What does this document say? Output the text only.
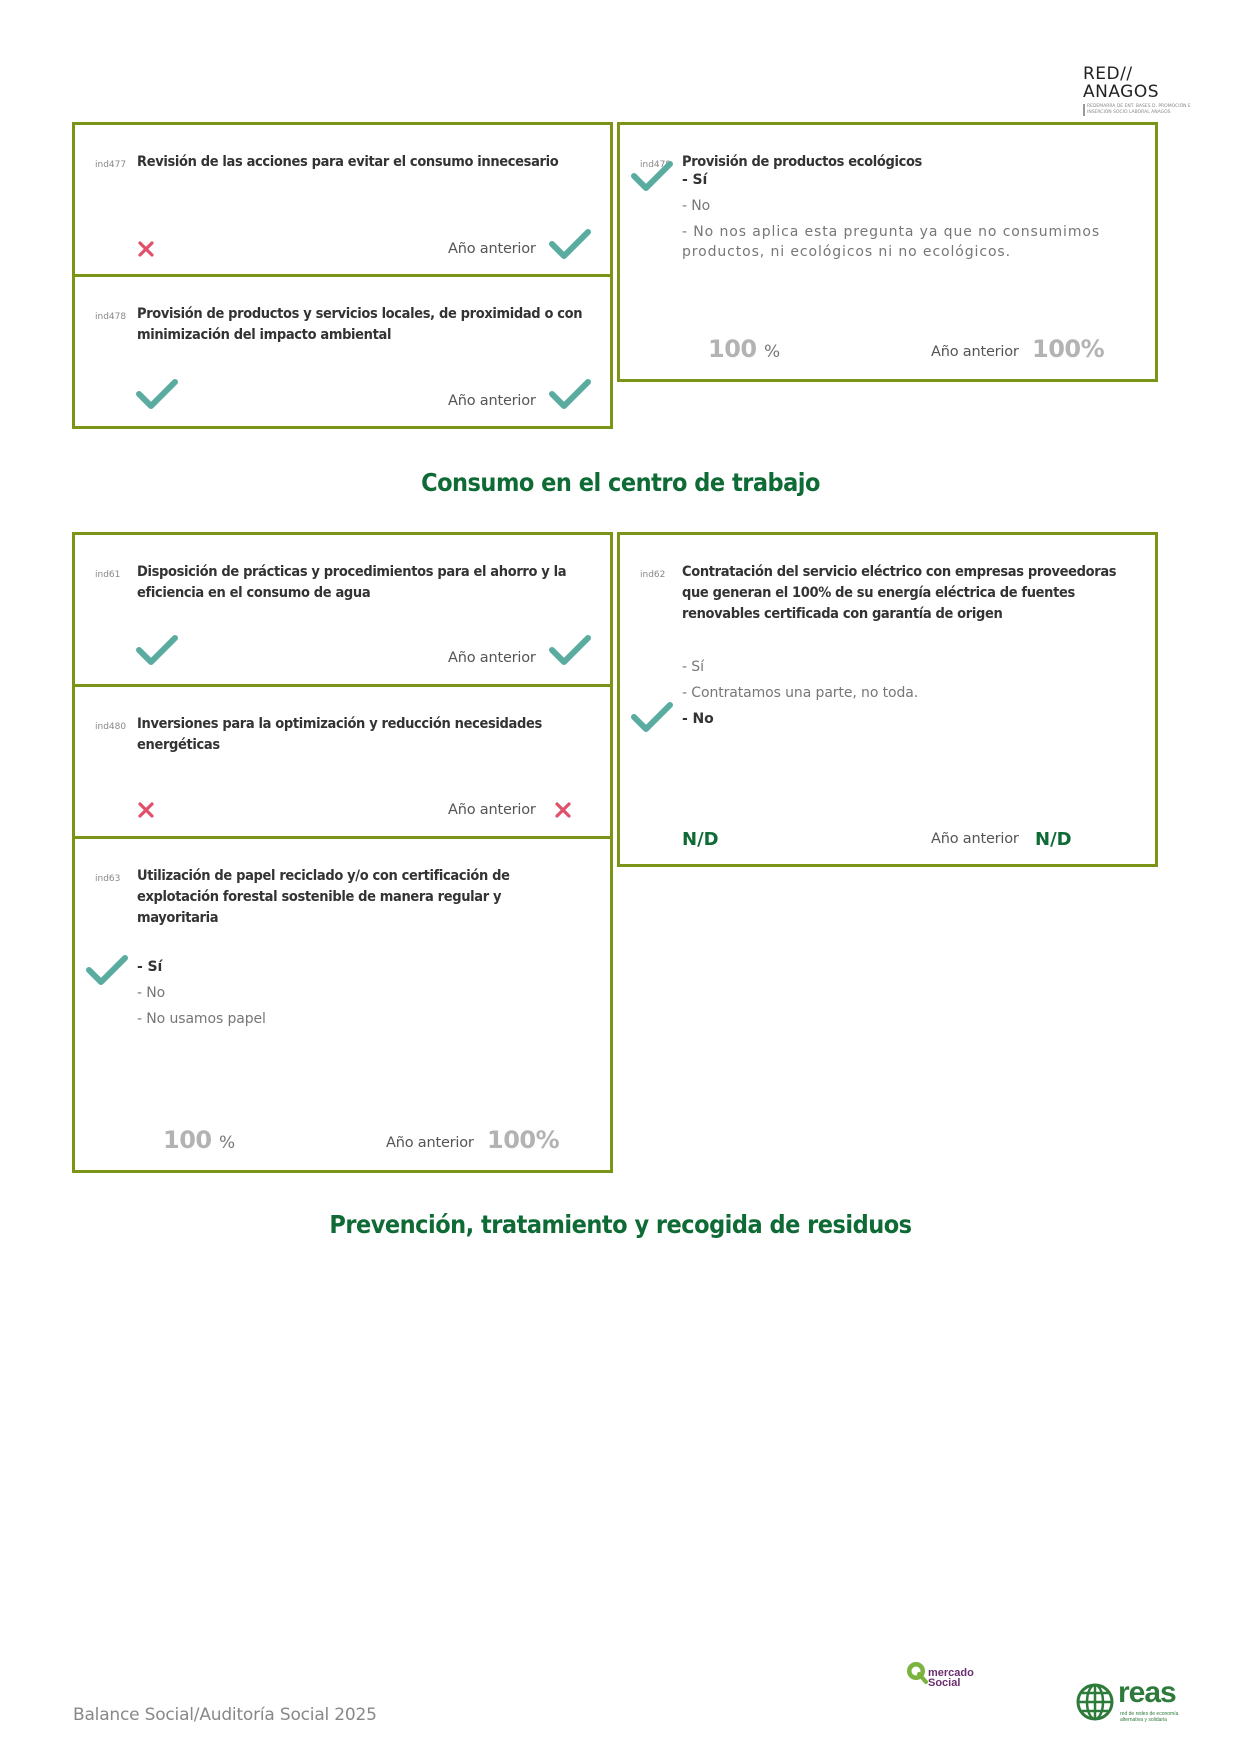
RED//
ANAGOS
REDEMARRA DE ENT. BASES D. PROMOCIÓN E INSERCIÓN SOCIO LABORAL ANAGOS
ind477 Revisión de las acciones para evitar el consumo innecesario
Año anterior
ind478 Provisión de productos y servicios locales, de proximidad o con minimización del impacto ambiental
Año anterior
ind479 Provisión de productos ecológicos
- Sí
- No
- No nos aplica esta pregunta ya que no consumimos productos, ni ecológicos ni no ecológicos.
100 %	Año anterior 100%
Consumo en el centro de trabajo
ind61 Disposición de prácticas y procedimientos para el ahorro y la eficiencia en el consumo de agua
Año anterior
ind480 Inversiones para la optimización y reducción necesidades energéticas
Año anterior
ind63 Utilización de papel reciclado y/o con certificación de explotación forestal sostenible de manera regular y mayoritaria
- Sí
- No
- No usamos papel
100 %	Año anterior 100%
ind62 Contratación del servicio eléctrico con empresas proveedoras que generan el 100% de su energía eléctrica de fuentes renovables certificada con garantía de origen
- Sí
- Contratamos una parte, no toda.
- No
N/D	Año anterior N/D
Prevención, tratamiento y recogida de residuos
Balance Social/Auditoría Social 2025
mercado Social	reas
red de redes de economía alternativa y solidaria
